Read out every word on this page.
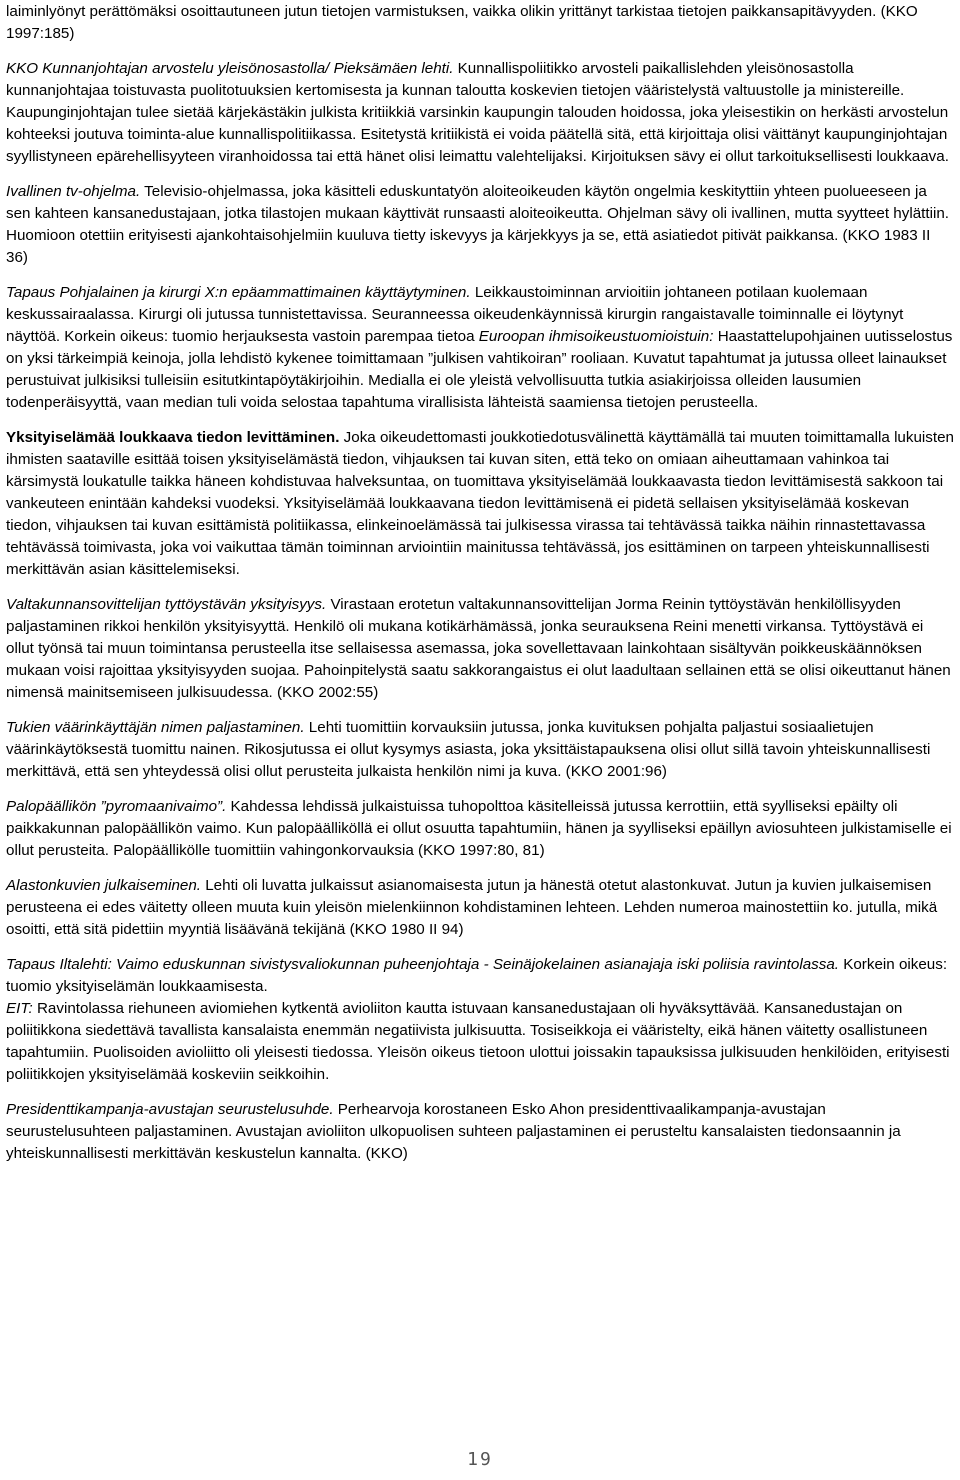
laiminlyönyt perättömäksi osoittautuneen jutun tietojen varmistuksen, vaikka olikin yrittänyt tarkistaa tietojen paikkansapitävyyden. (KKO 1997:185)

KKO Kunnanjohtajan arvostelu yleisönosastolla/ Pieksämäen lehti. Kunnallispoliitikko arvosteli paikallislehden yleisönosastolla kunnanjohtajaa toistuvasta puolitotuuksien kertomisesta ja kunnan taloutta koskevien tietojen vääristelystä valtuustolle ja ministereille. Kaupunginjohtajan tulee sietää kärjekästäkin julkista kritiikkiä varsinkin kaupungin talouden hoidossa, joka yleisestikin on herkästi arvostelun kohteeksi joutuva toiminta-alue kunnallispolitiikassa. Esitetystä kritiikistä ei voida päätellä sitä, että kirjoittaja olisi väittänyt kaupunginjohtajan syyllistyneen epärehellisyyteen viranhoidossa tai että hänet olisi leimattu valehtelijaksi. Kirjoituksen sävy ei ollut tarkoituksellisesti loukkaava.

Ivallinen tv-ohjelma. Televisio-ohjelmassa, joka käsitteli eduskuntatyön aloiteoikeuden käytön ongelmia keskityttiin yhteen puolueeseen ja sen kahteen kansanedustajaan, jotka tilastojen mukaan käyttivät runsaasti aloiteoikeutta. Ohjelman sävy oli ivallinen, mutta syytteet hylättiin. Huomioon otettiin erityisesti ajankohtaisohjelmiin kuuluva tietty iskevyys ja kärjekkyys ja se, että asiatiedot pitivät paikkansa. (KKO 1983 II 36)

Tapaus Pohjalainen ja kirurgi X:n epäammattimainen käyttäytyminen. Leikkaustoiminnan arvioitiin johtaneen potilaan kuolemaan keskussairaalassa. Kirurgi oli jutussa tunnistettavissa. Seuranneessa oikeudenkäynnissä kirurgin rangaistavalle toiminnalle ei löytynyt näyttöä. Korkein oikeus: tuomio herjauksesta vastoin parempaa tietoa Euroopan ihmisoikeustuomioistuin: Haastattelupohjainen uutisselostus on yksi tärkeimpiä keinoja, jolla lehdistö kykenee toimittamaan ”julkisen vahtikoiran” rooliaan. Kuvatut tapahtumat ja jutussa olleet lainaukset perustuivat julkisiksi tulleisiin esitutkintapöytäkirjoihin. Medialla ei ole yleistä velvollisuutta tutkia asiakirjoissa olleiden lausumien todenperäisyyttä, vaan median tuli voida selostaa tapahtuma virallisista lähteistä saamiensa tietojen perusteella.

Yksityiselämää loukkaava tiedon levittäminen. Joka oikeudettomasti joukkotiedotusvälinettä käyttämällä tai muuten toimittamalla lukuisten ihmisten saataville esittää toisen yksityiselämästä tiedon, vihjauksen tai kuvan siten, että teko on omiaan aiheuttamaan vahinkoa tai kärsimystä loukatulle taikka häneen kohdistuvaa halveksuntaa, on tuomittava yksityiselämää loukkaavasta tiedon levittämisestä sakkoon tai vankeuteen enintään kahdeksi vuodeksi. Yksityiselämää loukkaavana tiedon levittämisenä ei pidetä sellaisen yksityiselämää koskevan tiedon, vihjauksen tai kuvan esittämistä politiikassa, elinkeinoelämässä tai julkisessa virassa tai tehtävässä taikka näihin rinnastettavassa tehtävässä toimivasta, joka voi vaikuttaa tämän toiminnan arviointiin mainitussa tehtävässä, jos esittäminen on tarpeen yhteiskunnallisesti merkittävän asian käsittelemiseksi.

Valtakunnansovittelijan tyttöystävän yksityisyys. Virastaan erotetun valtakunnansovittelijan Jorma Reinin tyttöystävän henkilöllisyyden paljastaminen rikkoi henkilön yksityisyyttä. Henkilö oli mukana kotikärhämässä, jonka seurauksena Reini menetti virkansa. Tyttöystävä ei ollut työnsä tai muun toimintansa perusteella itse sellaisessa asemassa, joka sovellettavaan lainkohtaan sisältyvän poikkeuskäännöksen mukaan voisi rajoittaa yksityisyyden suojaa. Pahoinpitelystä saatu sakkorangaistus ei olut laadultaan sellainen että se olisi oikeuttanut hänen nimensä mainitsemiseen julkisuudessa. (KKO 2002:55)

Tukien väärinkäyttäjän nimen paljastaminen. Lehti tuomittiin korvauksiin jutussa, jonka kuvituksen pohjalta paljastui sosiaalietujen väärinkäytöksestä tuomittu nainen. Rikosjutussa ei ollut kysymys asiasta, joka yksittäistapauksena olisi ollut sillä tavoin yhteiskunnallisesti merkittävä, että sen yhteydessä olisi ollut perusteita julkaista henkilön nimi ja kuva. (KKO 2001:96)

Palopäällikön ”pyromaanivaimo”. Kahdessa lehdissä julkaistuissa tuhopolttoa käsitelleissä jutussa kerrottiin, että syylliseksi epäilty oli paikkakunnan palopäällikön vaimo. Kun palopäälliköllä ei ollut osuutta tapahtumiin, hänen ja syylliseksi epäillyn aviosuhteen julkistamiselle ei ollut perusteita. Palopäällikölle tuomittiin vahingonkorvauksia (KKO 1997:80, 81)

Alastonkuvien julkaiseminen. Lehti oli luvatta julkaissut asianomaisesta jutun ja hänestä otetut alastonkuvat. Jutun ja kuvien julkaisemisen perusteena ei edes väitetty olleen muuta kuin yleisön mielenkiinnon kohdistaminen lehteen. Lehden numeroa mainostettiin ko. jutulla, mikä osoitti, että sitä pidettiin myyntiä lisäävänä tekijänä (KKO 1980 II 94)

Tapaus Iltalehti: Vaimo eduskunnan sivistysvaliokunnan puheenjohtaja - Seinäjokelainen asianajaja iski poliisia ravintolassa. Korkein oikeus: tuomio yksityiselämän loukkaamisesta.
EIT: Ravintolassa riehuneen aviomiehen kytkentä avioliiton kautta istuvaan kansanedustajaan oli hyväksyttävää. Kansanedustajan on poliitikkona siedettävä tavallista kansalaista enemmän negatiivista julkisuutta. Tosiseikkoja ei vääristelty, eikä hänen väitetty osallistuneen tapahtumiin. Puolisoiden avioliitto oli yleisesti tiedossa. Yleisön oikeus tietoon ulottui joissakin tapauksissa julkisuuden henkilöiden, erityisesti poliitikkojen yksityiselämää koskeviin seikkoihin.

Presidenttikampanja-avustajan seurustelusuhde. Perhearvoja korostaneen Esko Ahon presidenttivaalikampanja-avustajan seurustelusuhteen paljastaminen. Avustajan avioliiton ulkopuolisen suhteen paljastaminen ei perusteltu kansalaisten tiedonsaannin ja yhteiskunnallisesti merkittävän keskustelun kannalta. (KKO)

19
